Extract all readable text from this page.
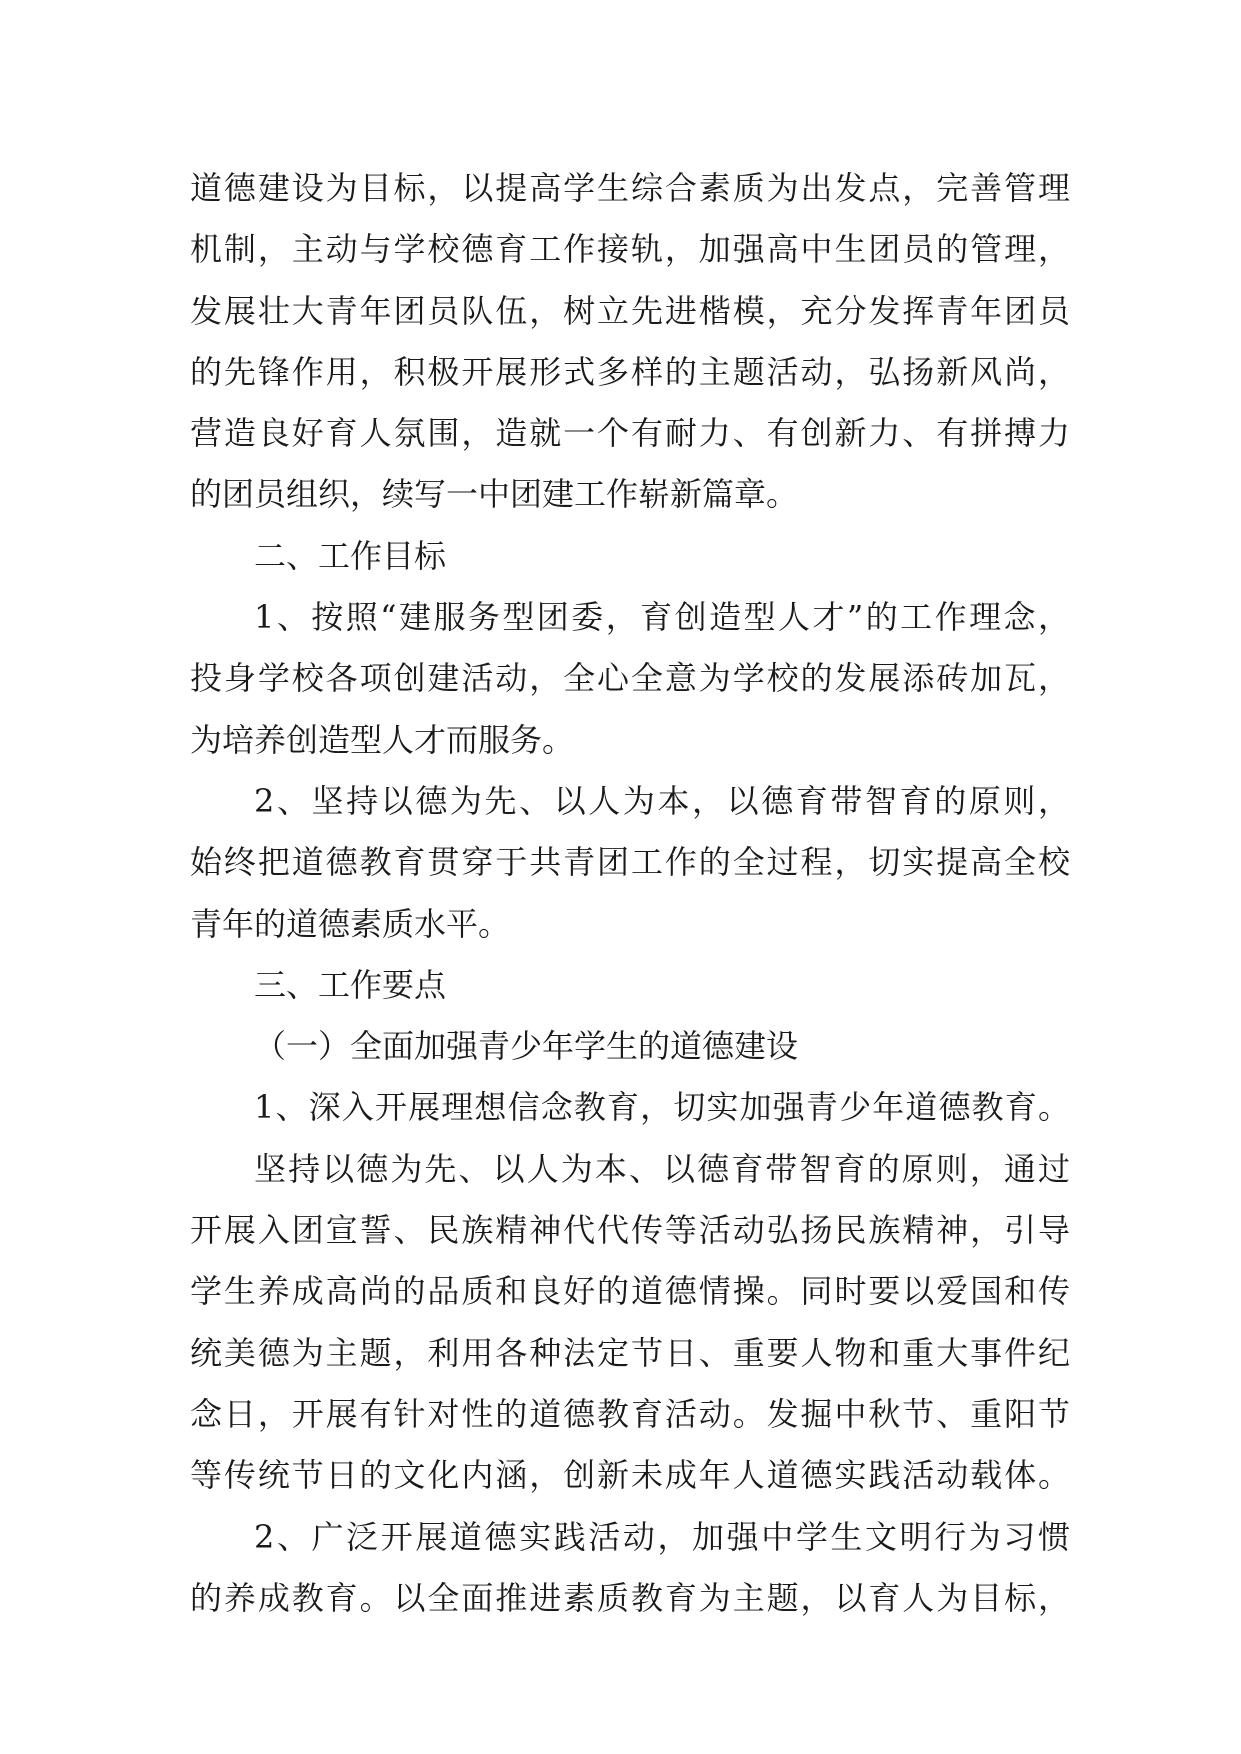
道德建设为目标，以提高学生综合素质为出发点，完善管理
机制，主动与学校德育工作接轨，加强高中生团员的管理，
发展壮大青年团员队伍，树立先进楷模，充分发挥青年团员
的先锋作用，积极开展形式多样的主题活动，弘扬新风尚，
营造良好育人氛围，造就一个有耐力、有创新力、有拼搏力
的团员组织，续写一中团建工作崭新篇章。
二、工作目标
1、按照“建服务型团委，育创造型人才”的工作理念，
投身学校各项创建活动，全心全意为学校的发展添砖加瓦，
为培养创造型人才而服务。
2、坚持以德为先、以人为本，以德育带智育的原则，
始终把道德教育贯穿于共青团工作的全过程，切实提高全校
青年的道德素质水平。
三、工作要点
（一）全面加强青少年学生的道德建设
1、深入开展理想信念教育，切实加强青少年道德教育。
坚持以德为先、以人为本、以德育带智育的原则，通过
开展入团宣誓、民族精神代代传等活动弘扬民族精神，引导
学生养成高尚的品质和良好的道德情操。同时要以爱国和传
统美德为主题，利用各种法定节日、重要人物和重大事件纪
念日，开展有针对性的道德教育活动。发掘中秋节、重阳节
等传统节日的文化内涵，创新未成年人道德实践活动载体。
2、广泛开展道德实践活动，加强中学生文明行为习惯
的养成教育。以全面推进素质教育为主题，以育人为目标，
